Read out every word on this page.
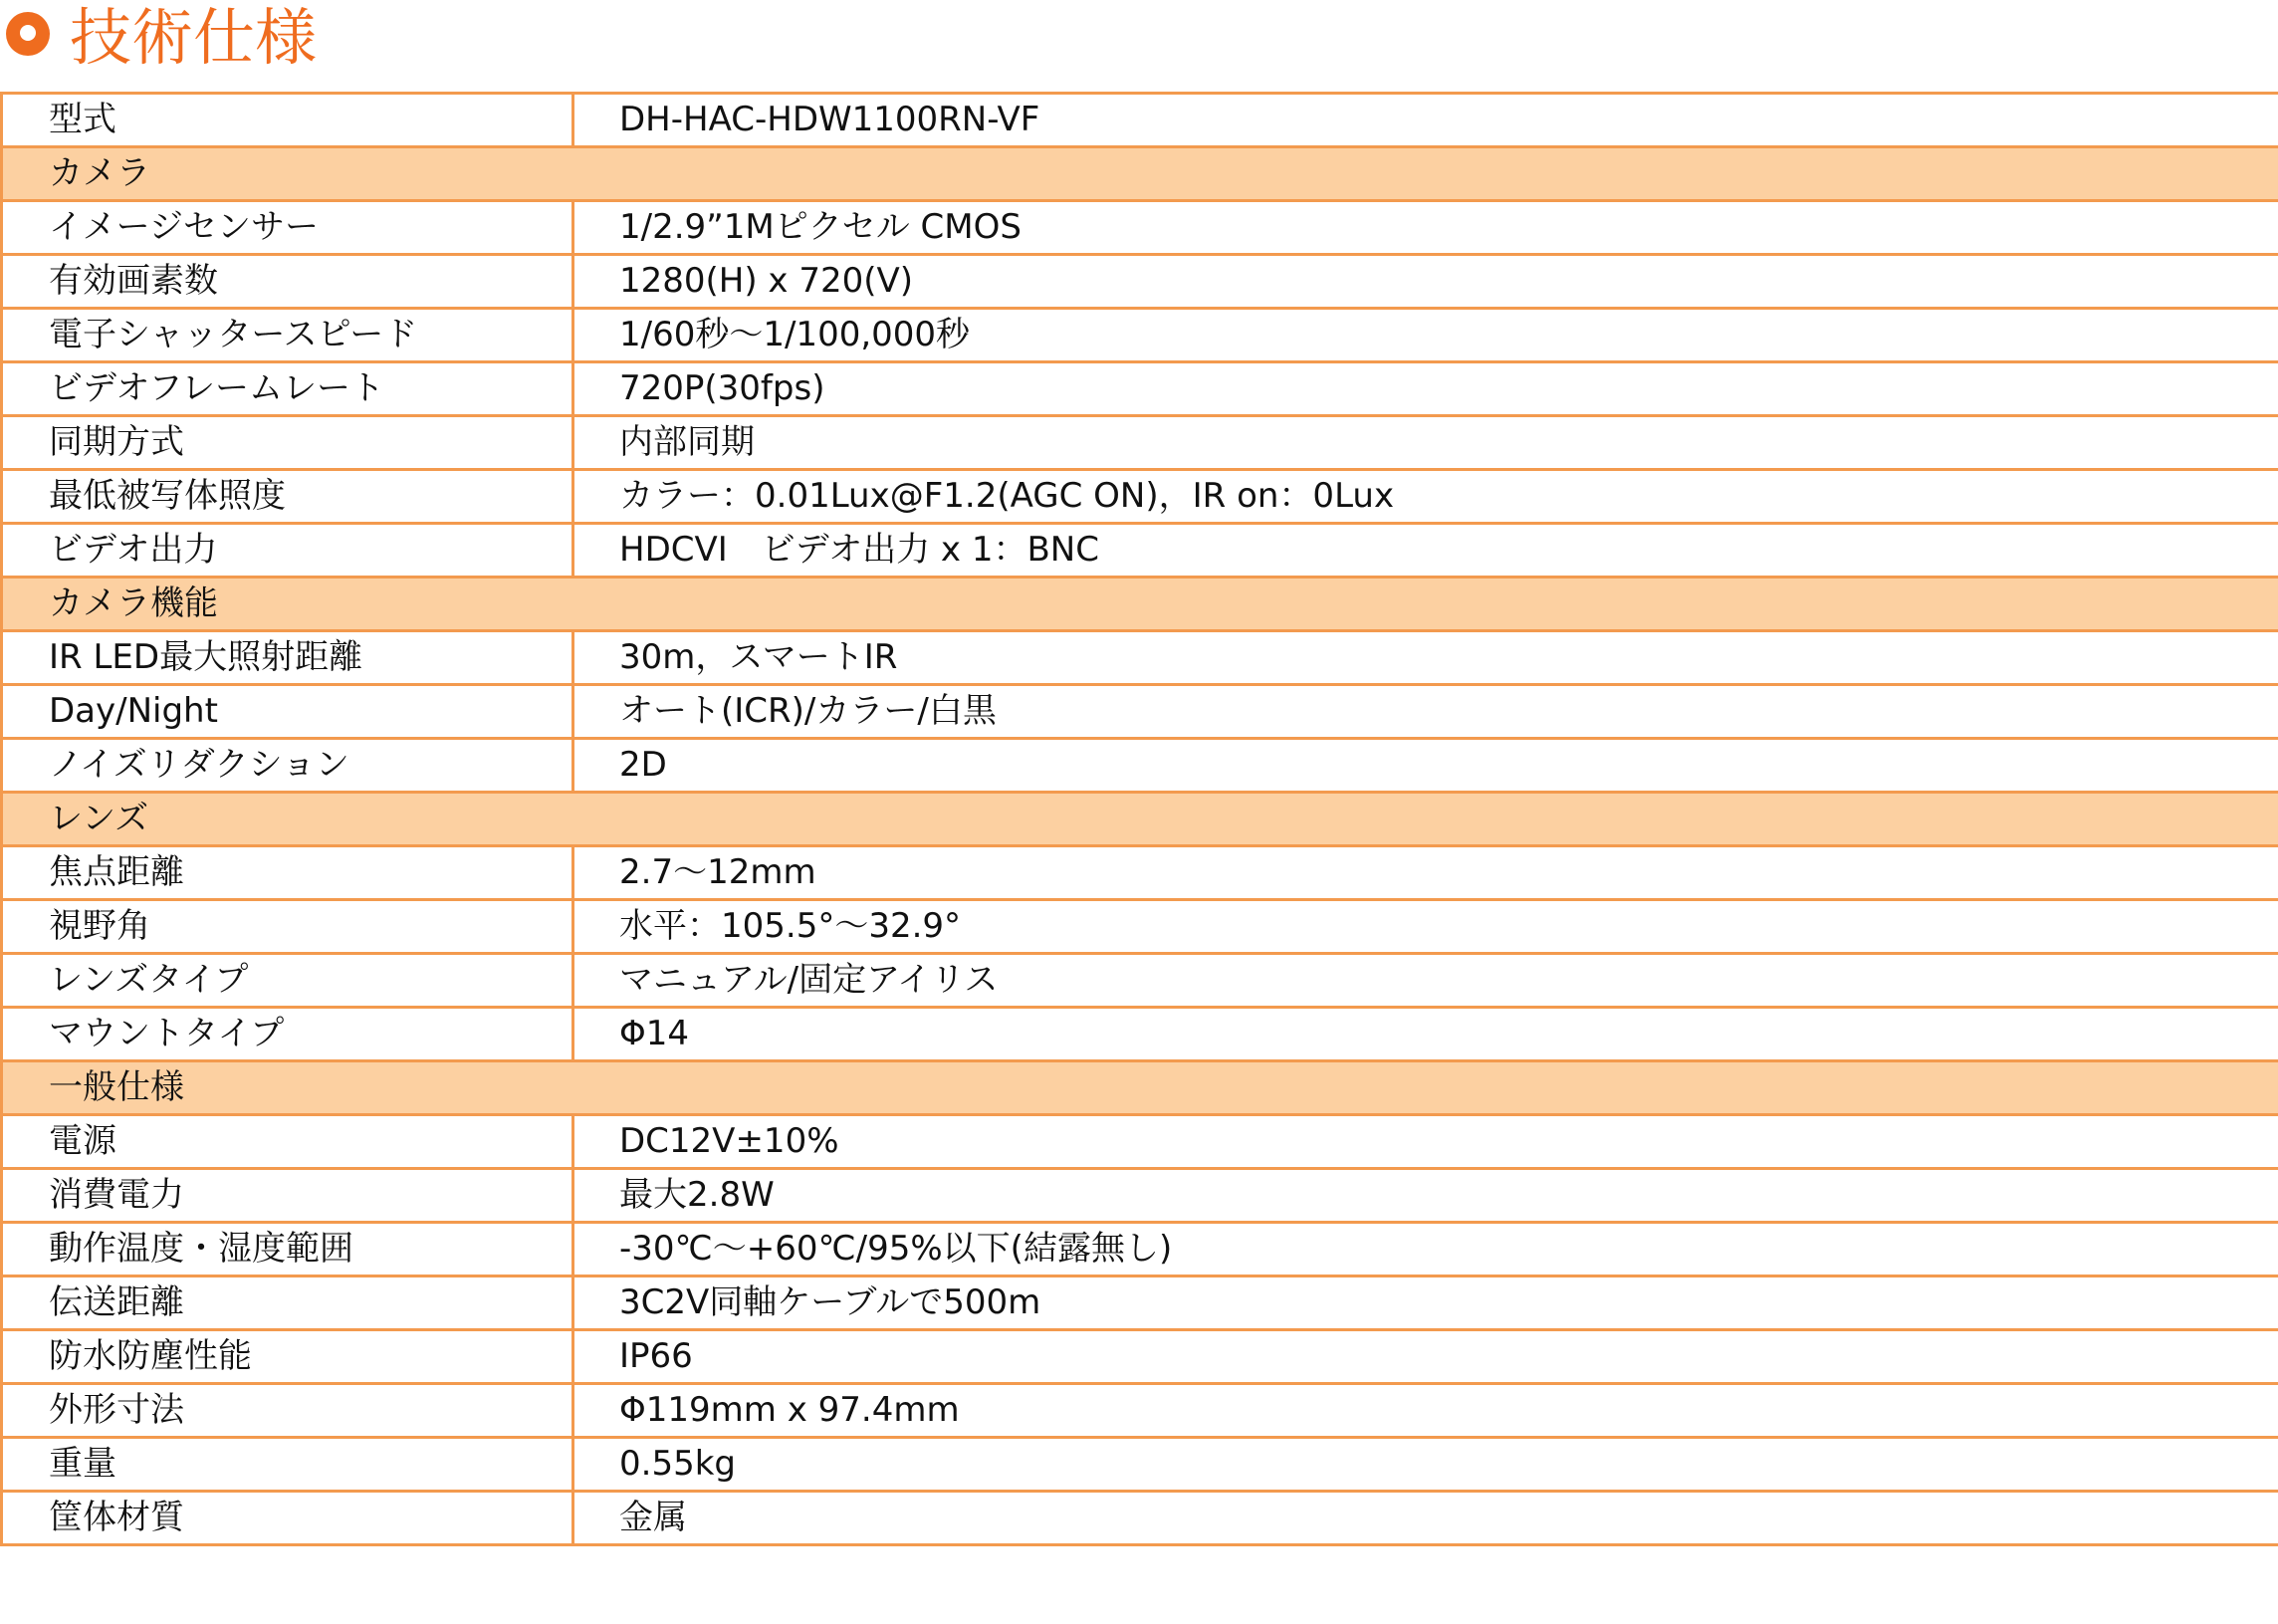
技術仕様
型式	DH-HAC-HDW1100RN-VF
カメラ	
イメージセンサー	1/2.9”1Mピクセル CMOS
有効画素数	1280(H) x 720(V)
電子シャッタースピード	1/60秒～1/100,000秒
ビデオフレームレート	720P(30fps)
同期方式	内部同期
最低被写体照度	カラー：0.01Lux@F1.2(AGC ON)，IR on：0Lux
ビデオ出力	HDCVI　ビデオ出力 x 1：BNC
カメラ機能	
IR LED最大照射距離	30m，スマートIR
Day/Night	オート(ICR)/カラー/白黒
ノイズリダクション	2D
レンズ	
焦点距離	2.7～12mm
視野角	水平：105.5°～32.9°
レンズタイプ	マニュアル/固定アイリス
マウントタイプ	Φ14
一般仕様	
電源	DC12V±10%
消費電力	最大2.8W
動作温度・湿度範囲	-30℃～+60℃/95%以下(結露無し)
伝送距離	3C2V同軸ケーブルで500m
防水防塵性能	IP66
外形寸法	Φ119mm x 97.4mm
重量	0.55kg
筐体材質	金属
